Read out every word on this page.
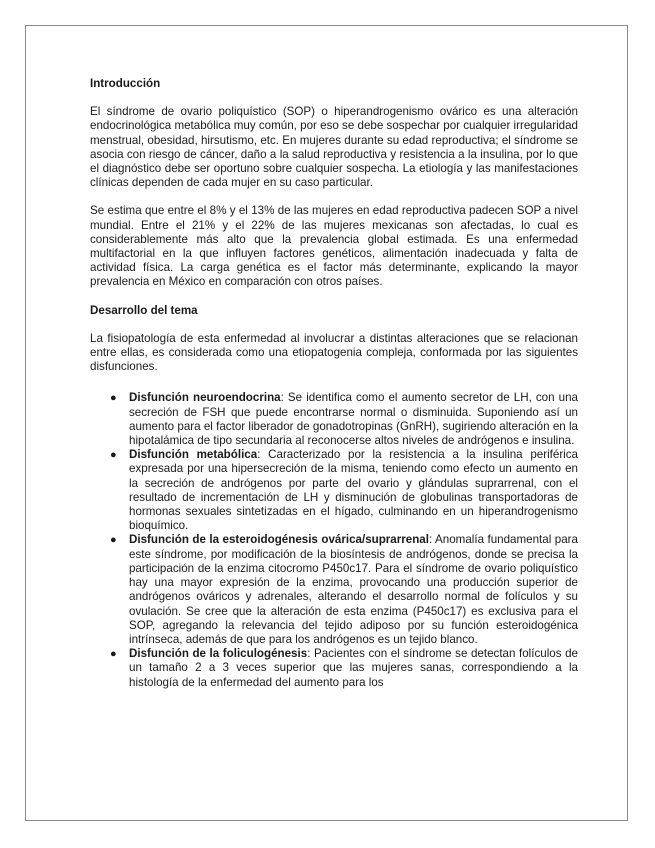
Introducción

El síndrome de ovario poliquístico (SOP) o hiperandrogenismo ovárico es una alteración endocrinológica metabólica muy común, por eso se debe sospechar por cualquier irregularidad menstrual, obesidad, hirsutismo, etc. En mujeres durante su edad reproductiva; el síndrome se asocia con riesgo de cáncer, daño a la salud reproductiva y resistencia a la insulina, por lo que el diagnóstico debe ser oportuno sobre cualquier sospecha. La etiología y las manifestaciones clínicas dependen de cada mujer en su caso particular.

Se estima que entre el 8% y el 13% de las mujeres en edad reproductiva padecen SOP a nivel mundial. Entre el 21% y el 22% de las mujeres mexicanas son afectadas, lo cual es considerablemente más alto que la prevalencia global estimada. Es una enfermedad multifactorial en la que influyen factores genéticos, alimentación inadecuada y falta de actividad física. La carga genética es el factor más determinante, explicando la mayor prevalencia en México en comparación con otros países.

Desarrollo del tema

La fisiopatología de esta enfermedad al involucrar a distintas alteraciones que se relacionan entre ellas, es considerada como una etiopatogenia compleja, conformada por las siguientes disfunciones.

● Disfunción neuroendocrina: Se identifica como el aumento secretor de LH, con una secreción de FSH que puede encontrarse normal o disminuida. Suponiendo así un aumento para el factor liberador de gonadotropinas (GnRH), sugiriendo alteración en la hipotalámica de tipo secundaria al reconocerse altos niveles de andrógenos e insulina.
● Disfunción metabólica: Caracterizado por la resistencia a la insulina periférica expresada por una hipersecreción de la misma, teniendo como efecto un aumento en la secreción de andrógenos por parte del ovario y glándulas suprarrenal, con el resultado de incrementación de LH y disminución de globulinas transportadoras de hormonas sexuales sintetizadas en el hígado, culminando en un hiperandrogenismo bioquímico.
● Disfunción de la esteroidogénesis ovárica/suprarrenal: Anomalía fundamental para este síndrome, por modificación de la biosíntesis de andrógenos, donde se precisa la participación de la enzima citocromo P450c17. Para el síndrome de ovario poliquístico hay una mayor expresión de la enzima, provocando una producción superior de andrógenos ováricos y adrenales, alterando el desarrollo normal de folículos y su ovulación. Se cree que la alteración de esta enzima (P450c17) es exclusiva para el SOP, agregando la relevancia del tejido adiposo por su función esteroidogénica intrínseca, además de que para los andrógenos es un tejido blanco.
● Disfunción de la foliculogénesis: Pacientes con el síndrome se detectan folículos de un tamaño 2 a 3 veces superior que las mujeres sanas, correspondiendo a la histología de la enfermedad del aumento para los
